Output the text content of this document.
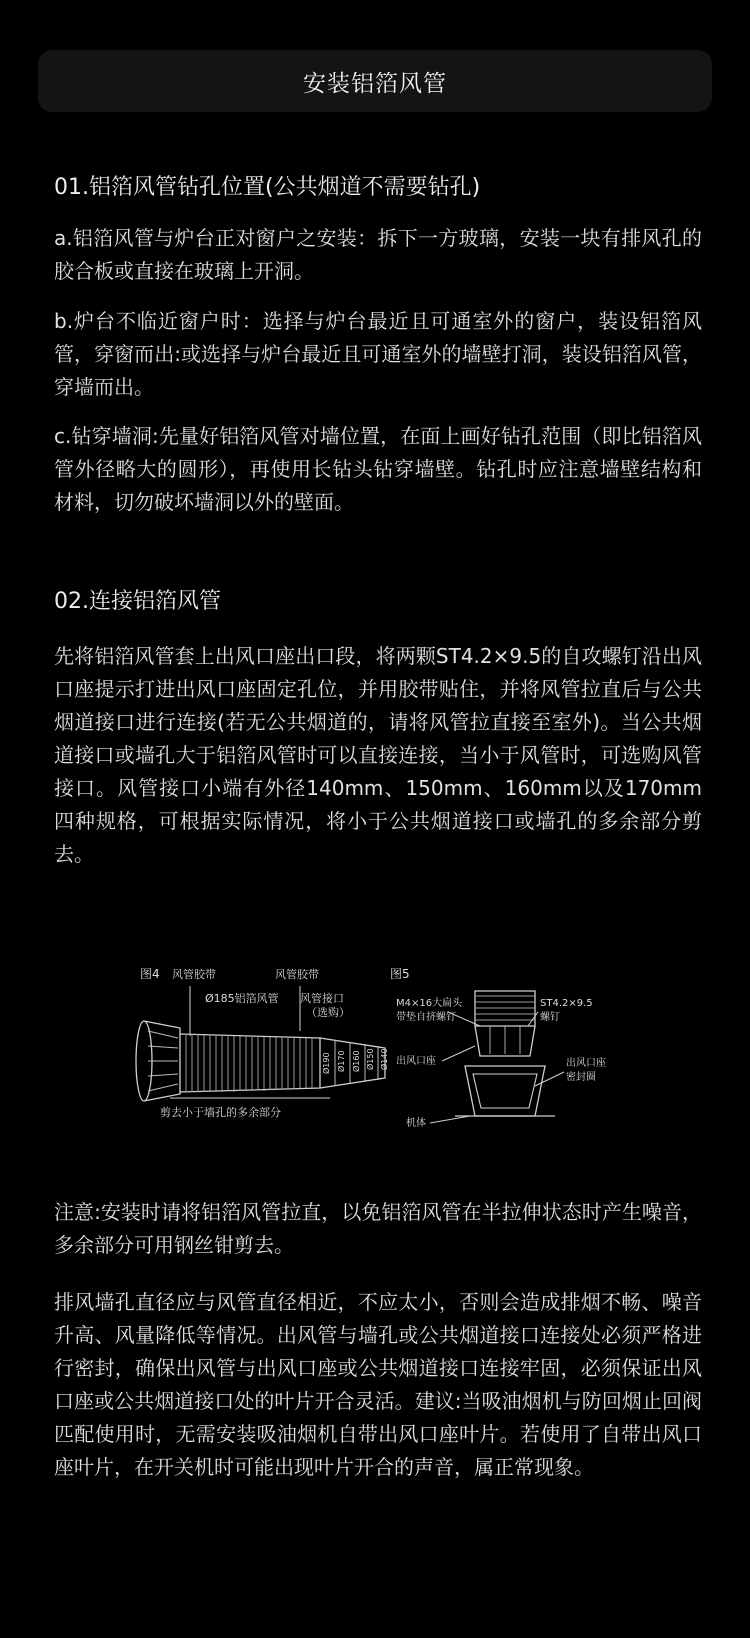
安装铝箔风管

01.铝箔风管钻孔位置(公共烟道不需要钻孔)

a.铝箔风管与炉台正对窗户之安装：拆下一方玻璃，安装一块有排风孔的胶合板或直接在玻璃上开洞。

b.炉台不临近窗户时：选择与炉台最近且可通室外的窗户，装设铝箔风管，穿窗而出:或选择与炉台最近且可通室外的墙壁打洞，装设铝箔风管，穿墙而出。

c.钻穿墙洞:先量好铝箔风管对墙位置，在面上画好钻孔范围（即比铝箔风管外径略大的圆形），再使用长钻头钻穿墙壁。钻孔时应注意墙壁结构和材料，切勿破坏墙洞以外的壁面。

02.连接铝箔风管

先将铝箔风管套上出风口座出口段，将两颗ST4.2×9.5的自攻螺钉沿出风口座提示打进出风口座固定孔位，并用胶带贴住，并将风管拉直后与公共烟道接口进行连接(若无公共烟道的，请将风管拉直接至室外)。当公共烟道接口或墙孔大于铝箔风管时可以直接连接，当小于风管时，可选购风管接口。风管接口小端有外径140mm、150mm、160mm以及170mm四种规格，可根据实际情况，将小于公共烟道接口或墙孔的多余部分剪去。

图4 风管胶带	风管胶带
Ø185铝箔风管 风管接口
（选购）
Ø190 Ø170 Ø160 Ø150 Ø140
剪去小于墙孔的多余部分
图5
M4×16大扁头
带垫自挤螺钉
ST4.2×9.5
螺钉
出风口座	出风口座
密封圈
机体

注意:安装时请将铝箔风管拉直，以免铝箔风管在半拉伸状态时产生噪音，多余部分可用钢丝钳剪去。

排风墙孔直径应与风管直径相近，不应太小，否则会造成排烟不畅、噪音升高、风量降低等情况。出风管与墙孔或公共烟道接口连接处必须严格进行密封，确保出风管与出风口座或公共烟道接口连接牢固，必须保证出风口座或公共烟道接口处的叶片开合灵活。建议:当吸油烟机与防回烟止回阀匹配使用时，无需安装吸油烟机自带出风口座叶片。若使用了自带出风口座叶片，在开关机时可能出现叶片开合的声音，属正常现象。
